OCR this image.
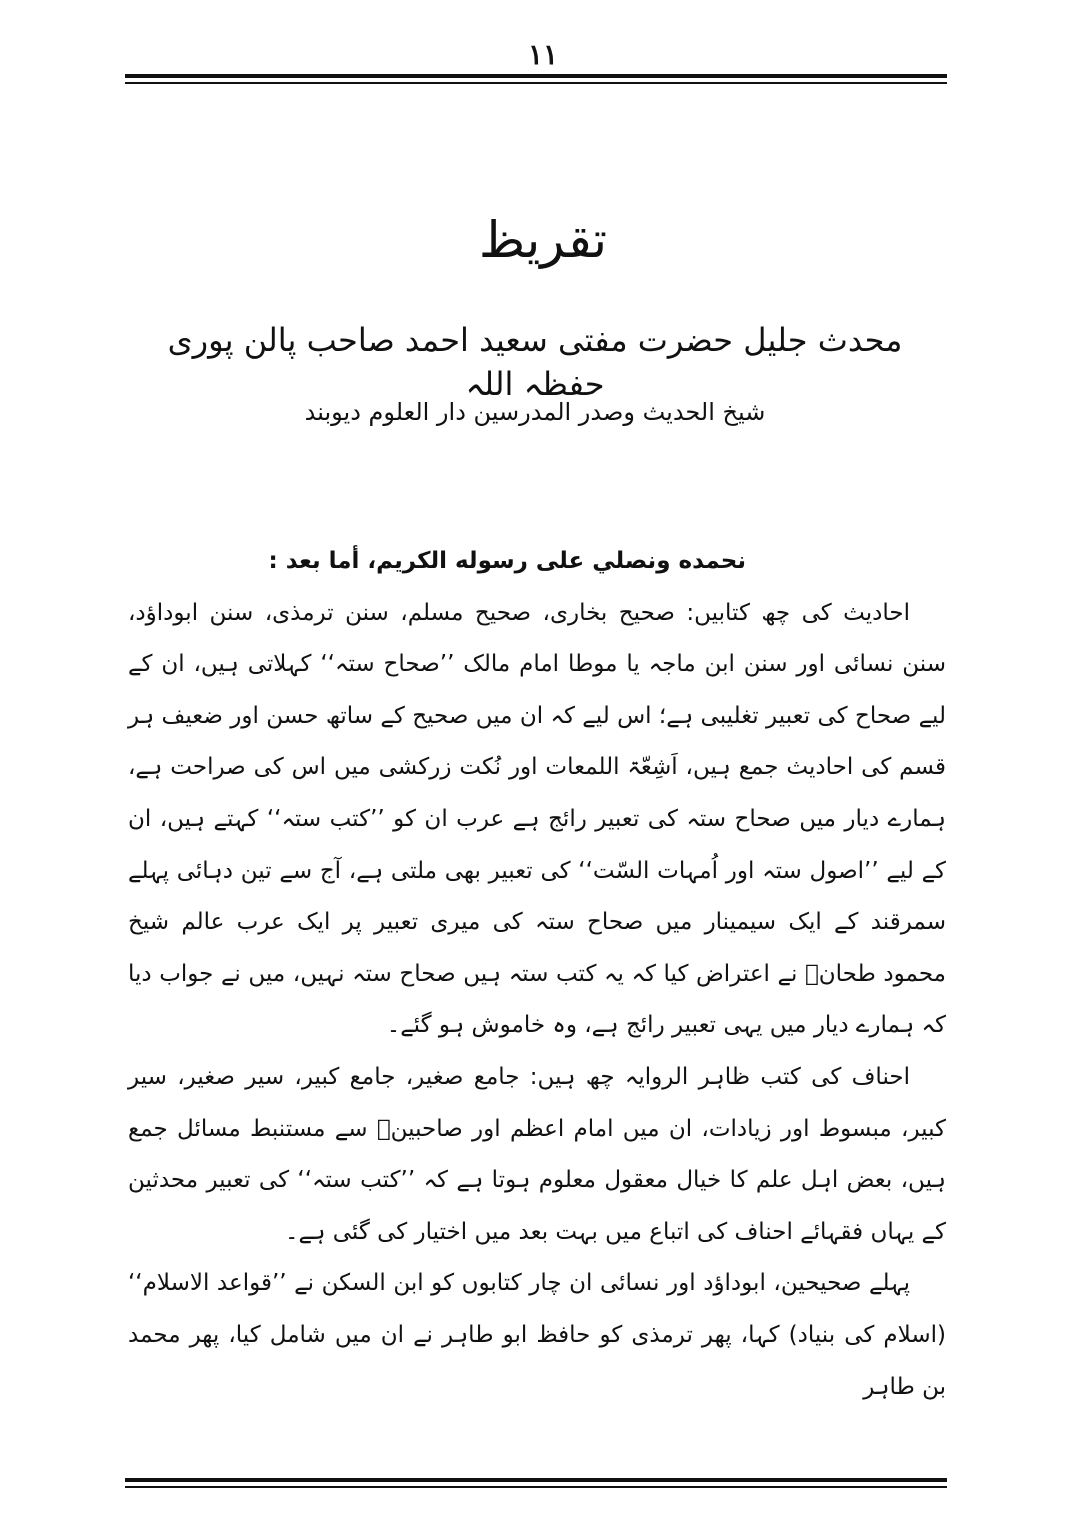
١١
تقریظ
محدث جلیل حضرت مفتی سعید احمد صاحب پالن پوری حفظہ اللہ
شیخ الحدیث وصدر المدرسین دار العلوم دیوبند

نحمده ونصلي على رسوله الكريم، أما بعد :

احادیث کی چھ کتابیں: صحیح بخاری، صحیح مسلم، سنن ترمذی، سنن ابوداؤد، سنن نسائی اور سنن ابن ماجہ یا موطا امام مالک ’’صحاح ستہ‘‘ کہلاتی ہیں، ان کے لیے صحاح کی تعبیر تغلیبی ہے؛ اس لیے کہ ان میں صحیح کے ساتھ حسن اور ضعیف ہر قسم کی احادیث جمع ہیں، اَشِعّۃ اللمعات اور نُکت زرکشی میں اس کی صراحت ہے، ہمارے دیار میں صحاح ستہ کی تعبیر رائج ہے عرب ان کو ’’کتب ستہ‘‘ کہتے ہیں، ان کے لیے ’’اصول ستہ اور اُمہات السّت‘‘ کی تعبیر بھی ملتی ہے، آج سے تین دہائی پہلے سمرقند کے ایک سیمینار میں صحاح ستہ کی میری تعبیر پر ایک عرب عالم شیخ محمود طحانؒ نے اعتراض کیا کہ یہ کتب ستہ ہیں صحاح ستہ نہیں، میں نے جواب دیا کہ ہمارے دیار میں یہی تعبیر رائج ہے، وہ خاموش ہو گئے۔

احناف کی کتب ظاہر الروایہ چھ ہیں: جامع صغیر، جامع کبیر، سیر صغیر، سیر کبیر، مبسوط اور زیادات، ان میں امام اعظم اور صاحبینؒ سے مستنبط مسائل جمع ہیں، بعض اہل علم کا خیال معقول معلوم ہوتا ہے کہ ’’کتب ستہ‘‘ کی تعبیر محدثین کے یہاں فقہائے احناف کی اتباع میں بہت بعد میں اختیار کی گئی ہے۔

پہلے صحیحین، ابوداؤد اور نسائی ان چار کتابوں کو ابن السکن نے ’’قواعد الاسلام‘‘ (اسلام کی بنیاد) کہا، پھر ترمذی کو حافظ ابو طاہر نے ان میں شامل کیا، پھر محمد بن طاہر
